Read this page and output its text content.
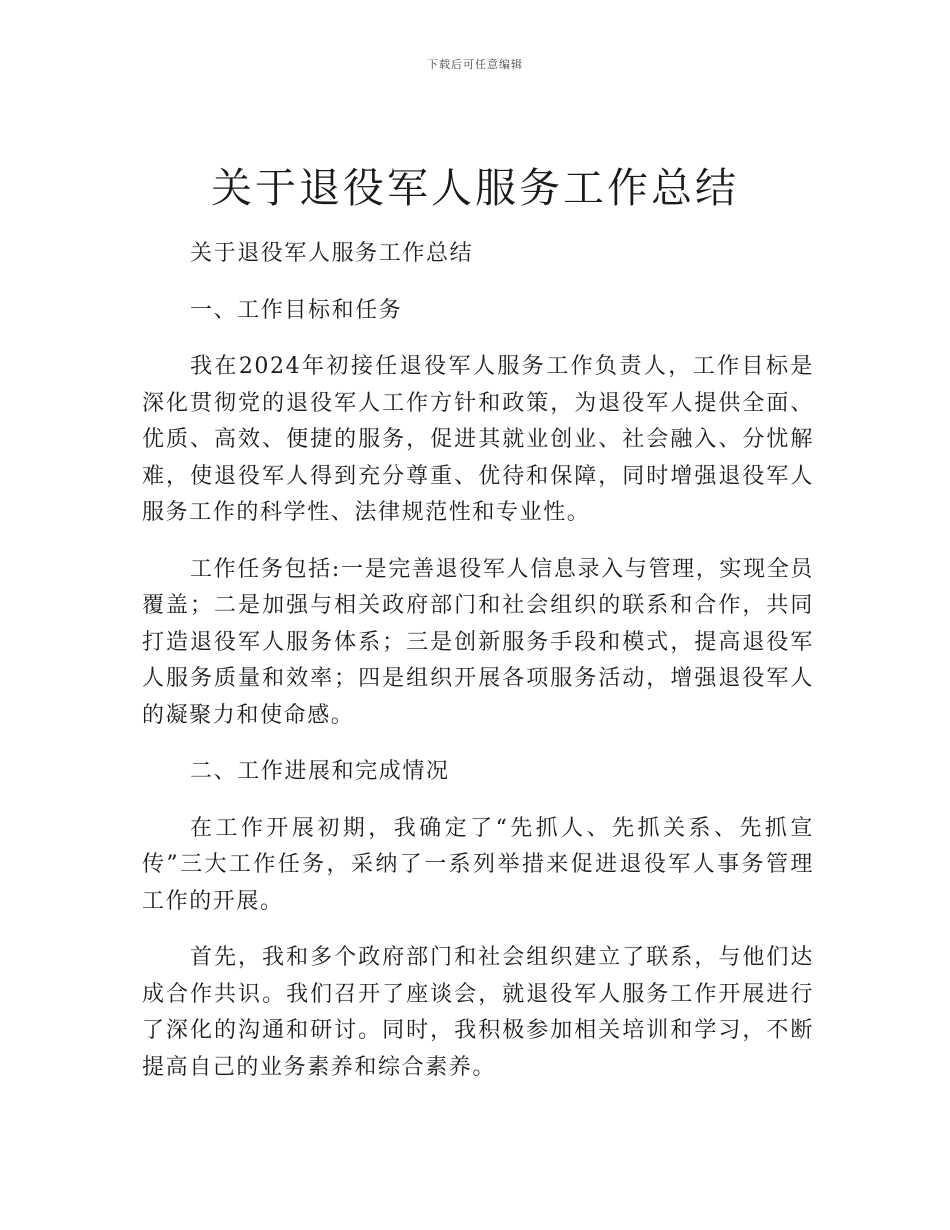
下载后可任意编辑
关于退役军人服务工作总结

关于退役军人服务工作总结

一、工作目标和任务

我在2024年初接任退役军人服务工作负责人，工作目标是深化贯彻党的退役军人工作方针和政策，为退役军人提供全面、优质、高效、便捷的服务，促进其就业创业、社会融入、分忧解难，使退役军人得到充分尊重、优待和保障，同时增强退役军人服务工作的科学性、法律规范性和专业性。

工作任务包括:一是完善退役军人信息录入与管理，实现全员覆盖；二是加强与相关政府部门和社会组织的联系和合作，共同打造退役军人服务体系；三是创新服务手段和模式，提高退役军人服务质量和效率；四是组织开展各项服务活动，增强退役军人的凝聚力和使命感。

二、工作进展和完成情况

在工作开展初期，我确定了“先抓人、先抓关系、先抓宣传”三大工作任务，采纳了一系列举措来促进退役军人事务管理工作的开展。

首先，我和多个政府部门和社会组织建立了联系，与他们达成合作共识。我们召开了座谈会，就退役军人服务工作开展进行了深化的沟通和研讨。同时，我积极参加相关培训和学习，不断提高自己的业务素养和综合素养。
